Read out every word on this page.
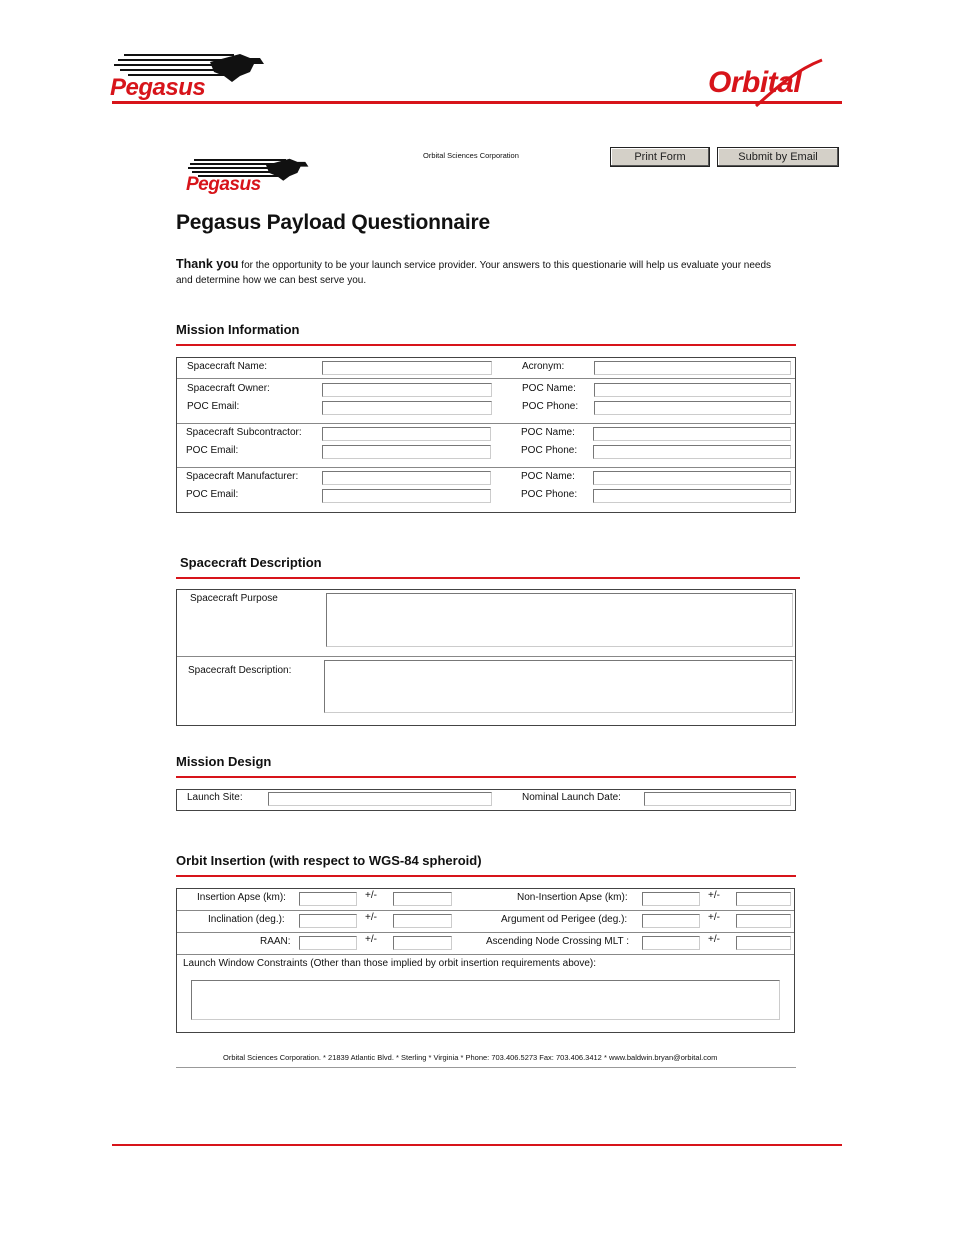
Pegasus	Orbital
Pegasus
Orbital Sciences Corporation	Print Form	Submit by Email
Pegasus Payload Questionnaire
Thank you for the opportunity to be your launch service provider. Your answers to this questionarie will help us evaluate your needs and determine how we can best serve you.
Mission Information
Spacecraft Name:	Acronym:
Spacecraft Owner:	POC Name:
POC Email:	POC Phone:
Spacecraft Subcontractor:	POC Name:
POC Email:	POC Phone:
Spacecraft Manufacturer:	POC Name:
POC Email:	POC Phone:
Spacecraft Description
Spacecraft Purpose
Spacecraft Description:
Mission Design
Launch Site:	Nominal Launch Date:
Orbit Insertion (with respect to WGS-84 spheroid)
Insertion Apse (km):	+/-	Non-Insertion Apse (km):	+/-
Inclination (deg.):	+/-	Argument od Perigee (deg.):	+/-
RAAN:	+/-	Ascending Node Crossing MLT :	+/-
Launch Window Constraints (Other than those implied by orbit insertion requirements above):
Orbital Sciences Corporation. * 21839 Atlantic Blvd. * Sterling * Virginia * Phone: 703.406.5273 Fax: 703.406.3412 * www.baldwin.bryan@orbital.com
